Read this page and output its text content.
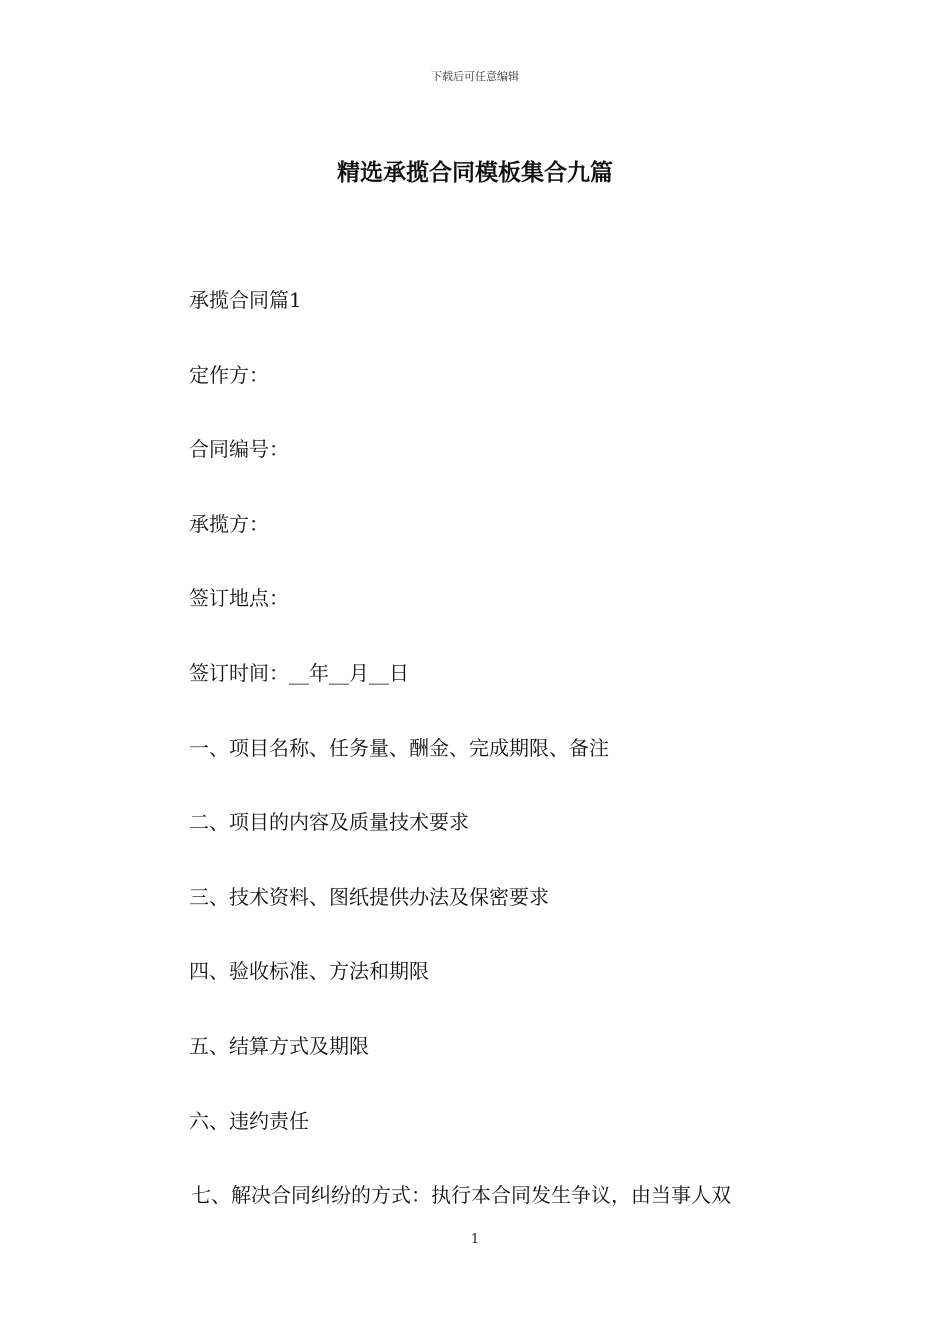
下载后可任意编辑
精选承揽合同模板集合九篇

承揽合同篇1

定作方：

合同编号：

承揽方：

签订地点：

签订时间：__年__月__日

一、项目名称、任务量、酬金、完成期限、备注

二、项目的内容及质量技术要求

三、技术资料、图纸提供办法及保密要求

四、验收标准、方法和期限

五、结算方式及期限

六、违约责任

七、解决合同纠纷的方式：执行本合同发生争议，由当事人双

1
